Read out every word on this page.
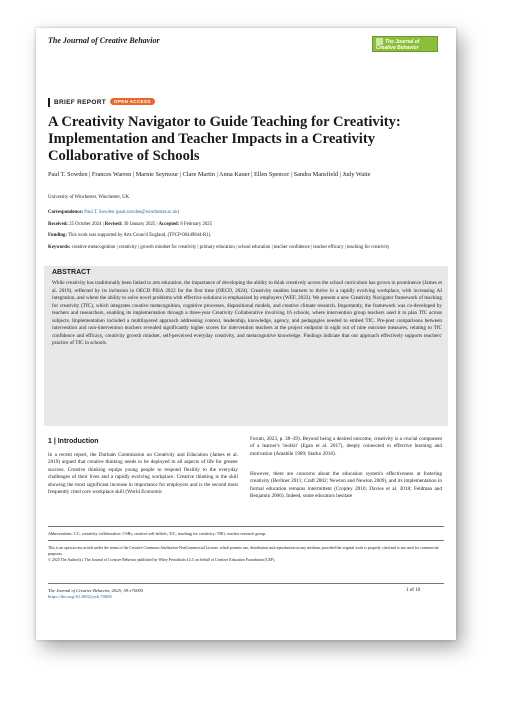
The Journal of Creative Behavior	The Journal of Creative Behavior
BRIEF REPORT OPEN ACCESS
A Creativity Navigator to Guide Teaching for Creativity: Implementation and Teacher Impacts in a Creativity Collaborative of Schools
Paul T. Sowden | Frances Warren | Marnie Seymour | Clare Martin | Anna Kauer | Ellen Spencer | Sandra Mansfield | Judy Waite
University of Winchester, Winchester, UK
Correspondence: Paul T. Sowden (paul.sowden@winchester.ac.uk)
Received: 25 October 2024 | Revised: 30 January 2025 | Accepted: 8 February 2025
Funding: This work was supported by Arts Council England, (TFCP-00449844-R1).
Keywords: creative metacognition | creativity | growth mindset for creativity | primary education | school education | teacher confidence | teacher efficacy | teaching for creativity
ABSTRACT
While creativity has traditionally been linked to arts education, the importance of developing the ability to think creatively across the school curriculum has grown in prominence (James et al. 2019), reflected by its inclusion in OECD PISA 2022 for the first time (OECD, 2024). Creativity enables learners to thrive in a rapidly evolving workplace, with increasing AI integration, and where the ability to solve novel problems with effective solutions is emphasized by employers (WEF, 2023). We present a new Creativity Navigator framework of teaching for creativity (TfC), which integrates creative metacognition, cognitive processes, dispositional models, and creative climate research. Importantly, the framework was co-developed by teachers and researchers, enabling its implementation through a three-year Creativity Collaborative involving 16 schools, where intervention group teachers used it to plan TfC across subjects. Implementation included a multilayered approach addressing context, leadership, knowledge, agency, and pedagogies needed to embed TfC. Pre-post comparisons between intervention and non-intervention teachers revealed significantly higher scores for intervention teachers at the project endpoint in eight out of nine outcome measures, relating to TfC confidence and efficacy, creativity growth mindset, self-perceived everyday creativity, and metacognitive knowledge. Findings indicate that our approach effectively supports teachers' practice of TfC in schools.
1 | Introduction
In a recent report, the Durham Commission on Creativity and Education (James et al. 2019) argued that creative thinking needs to be deployed in all aspects of life for greater success. Creative thinking equips young people to respond flexibly to the everyday challenges of their lives and a rapidly evolving workplace. Creative thinking is the skill showing the most significant increase in importance for employers and is the second most frequently cited core workplace skill (World Economic
Forum, 2023, p. 38–39). Beyond being a desired outcome, creativity is a crucial component of a learner's 'toolkit' (Egan et al. 2017), deeply connected to effective learning and motivation (Amabile 1989; Starko 2018).
However, there are concerns about the education system's effectiveness at fostering creativity (Berliner 2011; Craft 2002; Newton and Newton 2009), and its implementation in formal education remains intermittent (Cropley 2010; Davies et al. 2018; Feldman and Benjamin 2006). Indeed, some educators hesitate
Abbreviations: CC, creativity collaborative; CSBs, creative self beliefs; TfC, teaching for creativity; TRG, teacher research group.
This is an open access article under the terms of the Creative Commons Attribution-NonCommercial License, which permits use, distribution and reproduction in any medium, provided the original work is properly cited and is not used for commercial purposes.
© 2025 The Author(s). The Journal of Creative Behavior published by Wiley Periodicals LLC on behalf of Creative Education Foundation (CEF).
The Journal of Creative Behavior, 2025; 59:e70005
https://doi.org/10.1002/jocb.70005
1 of 10
